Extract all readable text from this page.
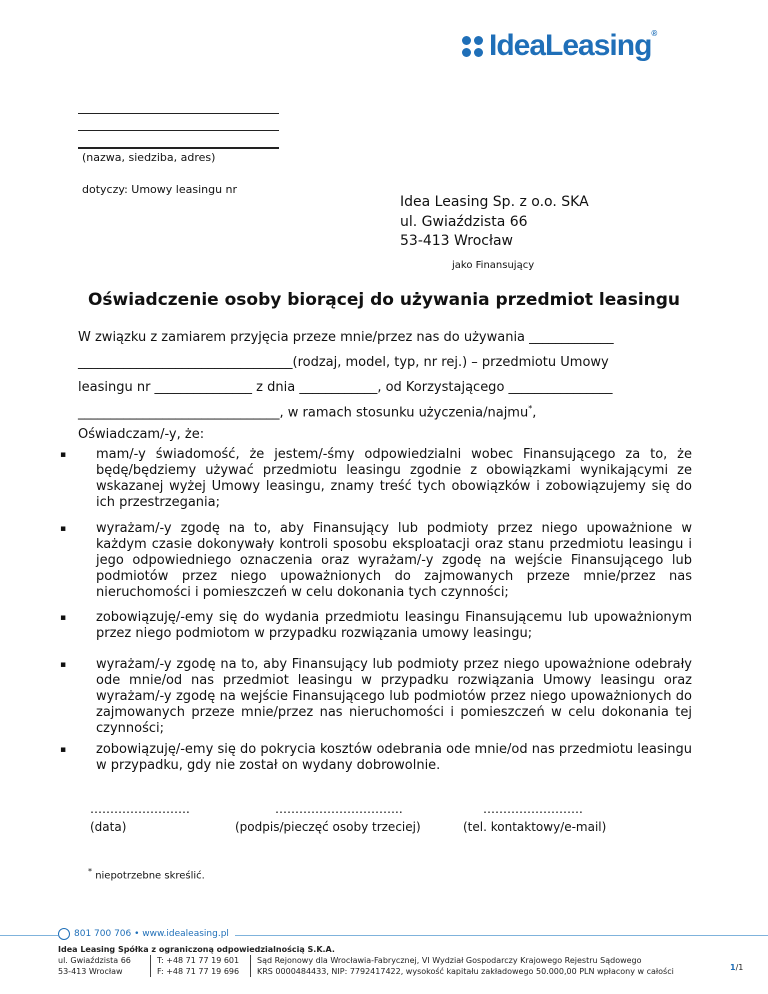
IdeaLeasing®
(nazwa, siedziba, adres)
dotyczy: Umowy leasingu nr
Idea Leasing Sp. z o.o. SKA
ul. Gwiaździsta 66
53-413 Wrocław
jako Finansujący
Oświadczenie osoby biorącej do używania przedmiot leasingu
W związku z zamiarem przyjęcia przeze mnie/przez nas do używania _____________
_________________________________(rodzaj, model, typ, nr rej.) – przedmiotu Umowy
leasingu nr _______________ z dnia ____________, od Korzystającego ________________
_______________________________, w ramach stosunku użyczenia/najmu*,
Oświadczam/-y, że:
▪ mam/-y świadomość, że jestem/-śmy odpowiedzialni wobec Finansującego za to, że będę/będziemy używać przedmiotu leasingu zgodnie z obowiązkami wynikającymi ze wskazanej wyżej Umowy leasingu, znamy treść tych obowiązków i zobowiązujemy się do ich przestrzegania;
▪ wyrażam/-y zgodę na to, aby Finansujący lub podmioty przez niego upoważnione w każdym czasie dokonywały kontroli sposobu eksploatacji oraz stanu przedmiotu leasingu i jego odpowiedniego oznaczenia oraz wyrażam/-y zgodę na wejście Finansującego lub podmiotów przez niego upoważnionych do zajmowanych przeze mnie/przez nas nieruchomości i pomieszczeń w celu dokonania tych czynności;
▪ zobowiązuję/-emy się do wydania przedmiotu leasingu Finansującemu lub upoważnionym przez niego podmiotom w przypadku rozwiązania umowy leasingu;
▪ wyrażam/-y zgodę na to, aby Finansujący lub podmioty przez niego upoważnione odebrały ode mnie/od nas przedmiot leasingu w przypadku rozwiązania Umowy leasingu oraz wyrażam/-y zgodę na wejście Finansującego lub podmiotów przez niego upoważnionych do zajmowanych przeze mnie/przez nas nieruchomości i pomieszczeń w celu dokonania tej czynności;
▪ zobowiązuję/-emy się do pokrycia kosztów odebrania ode mnie/od nas przedmiotu leasingu w przypadku, gdy nie został on wydany dobrowolnie.
…………………….
(data)
…………………………..
(podpis/pieczęć osoby trzeciej)
…………………….
(tel. kontaktowy/e-mail)
* niepotrzebne skreślić.
801 700 706 • www.idealeasing.pl
Idea Leasing Spółka z ograniczoną odpowiedzialnością S.K.A.
ul. Gwiaździsta 66
53-413 Wrocław
T: +48 71 77 19 601
F: +48 71 77 19 696
Sąd Rejonowy dla Wrocławia-Fabrycznej, VI Wydział Gospodarczy Krajowego Rejestru Sądowego
KRS 0000484433, NIP: 7792417422, wysokość kapitału zakładowego 50.000,00 PLN wpłacony w całości	1/1
